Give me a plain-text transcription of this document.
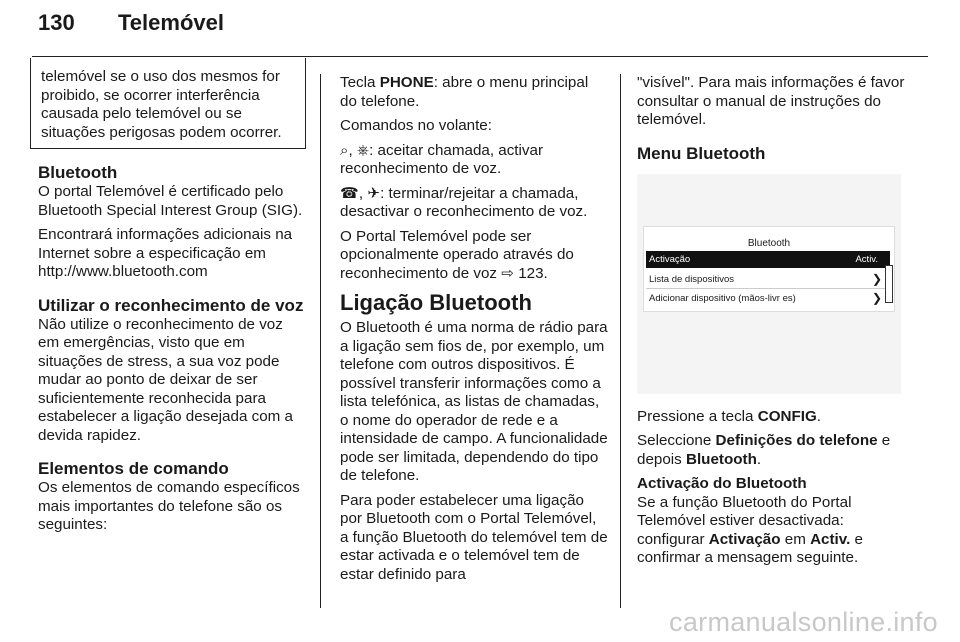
130 Telemóvel

telemóvel se o uso dos mesmos for proibido, se ocorrer interferência causada pelo telemóvel ou se situações perigosas podem ocorrer.

Bluetooth

O portal Telemóvel é certificado pelo Bluetooth Special Interest Group (SIG).

Encontrará informações adicionais na Internet sobre a especificação em http://www.bluetooth.com

Utilizar o reconhecimento de voz

Não utilize o reconhecimento de voz em emergências, visto que em situações de stress, a sua voz pode mudar ao ponto de deixar de ser suficientemente reconhecida para estabelecer a ligação desejada com a devida rapidez.

Elementos de comando

Os elementos de comando específicos mais importantes do telefone são os seguintes:

Tecla PHONE: abre o menu principal do telefone.

Comandos no volante:

⌕, ⎈: aceitar chamada, activar reconhecimento de voz.

☎, ✈: terminar/rejeitar a chamada, desactivar o reconhecimento de voz.

O Portal Telemóvel pode ser opcionalmente operado através do reconhecimento de voz ⇨ 123.

Ligação Bluetooth

O Bluetooth é uma norma de rádio para a ligação sem fios de, por exemplo, um telefone com outros dispositivos. É possível transferir informações como a lista telefónica, as listas de chamadas, o nome do operador de rede e a intensidade de campo. A funcionalidade pode ser limitada, dependendo do tipo de telefone.

Para poder estabelecer uma ligação por Bluetooth com o Portal Telemóvel, a função Bluetooth do telemóvel tem de estar activada e o telemóvel tem de estar definido para

"visível". Para mais informações é favor consultar o manual de instruções do telemóvel.

Menu Bluetooth
Bluetooth
Activação	Activ.
Lista de dispositivos	❯
Adicionar dispositivo (mãos-livr es)	❯

Pressione a tecla CONFIG.

Seleccione Definições do telefone e depois Bluetooth.

Activação do Bluetooth

Se a função Bluetooth do Portal Telemóvel estiver desactivada: configurar Activação em Activ. e confirmar a mensagem seguinte.

carmanualsonline.info
